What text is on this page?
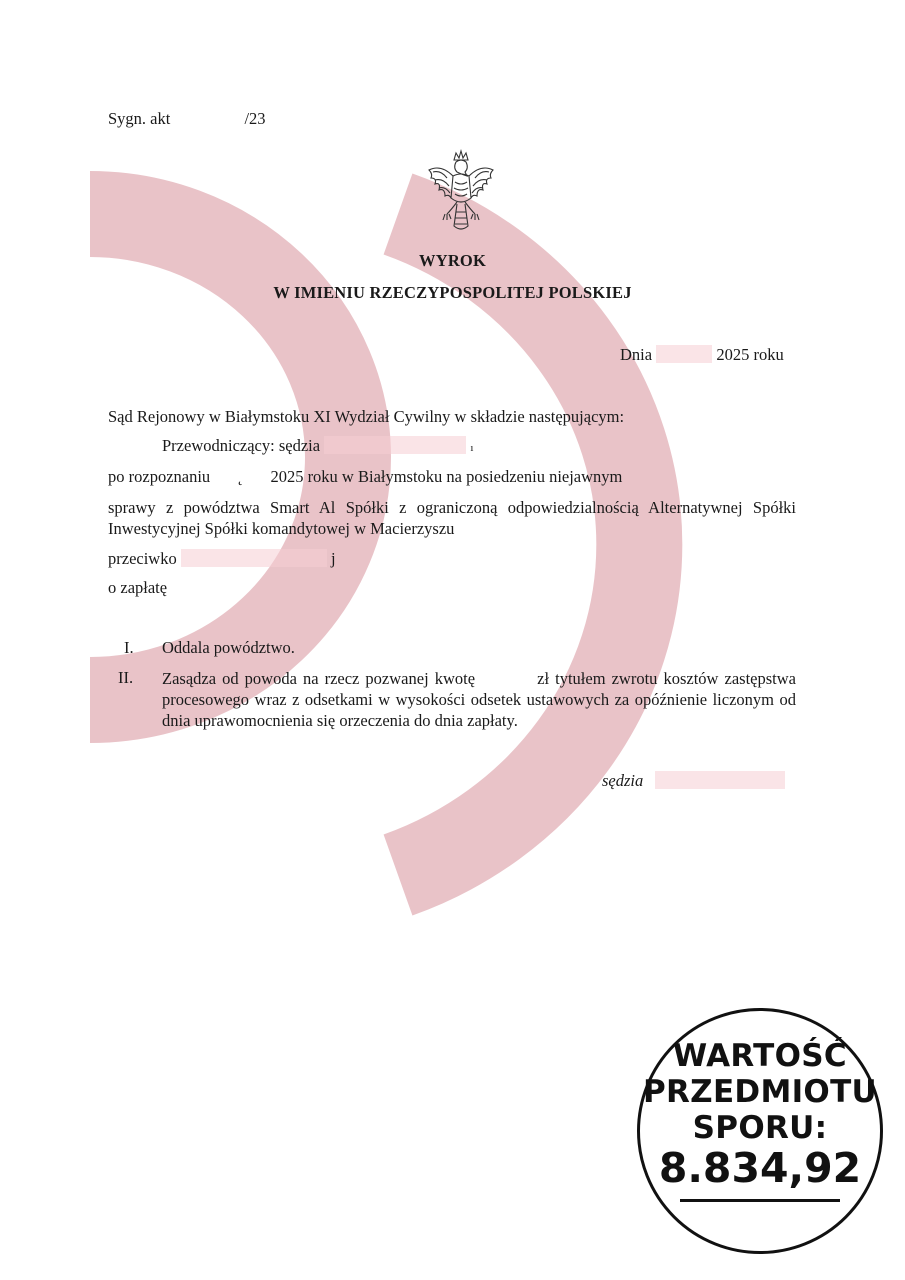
Sygn. akt	/23
WYROK
W IMIENIU RZECZYPOSPOLITEJ POLSKIEJ
Dnia	2025 roku
Sąd Rejonowy w Białymstoku XI Wydział Cywilny w składzie następującym:
Przewodniczący: sędzia	ı
po rozpoznaniu ˛ 2025 roku w Białymstoku na posiedzeniu niejawnym
sprawy z powództwa Smart Al Spółki z ograniczoną odpowiedzialnością Alternatywnej Spółki Inwestycyjnej Spółki komandytowej w Macierzyszu
przeciwko	j
o zapłatę
I. Oddala powództwo.
II. Zasądza od powoda na rzecz pozwanej kwotę	zł tytułem zwrotu kosztów zastępstwa procesowego wraz z odsetkami w wysokości odsetek ustawowych za opóźnienie liczonym od dnia uprawomocnienia się orzeczenia do dnia zapłaty.
sędzia
WARTOŚĆ
PRZEDMIOTU
SPORU:
8.834,92
